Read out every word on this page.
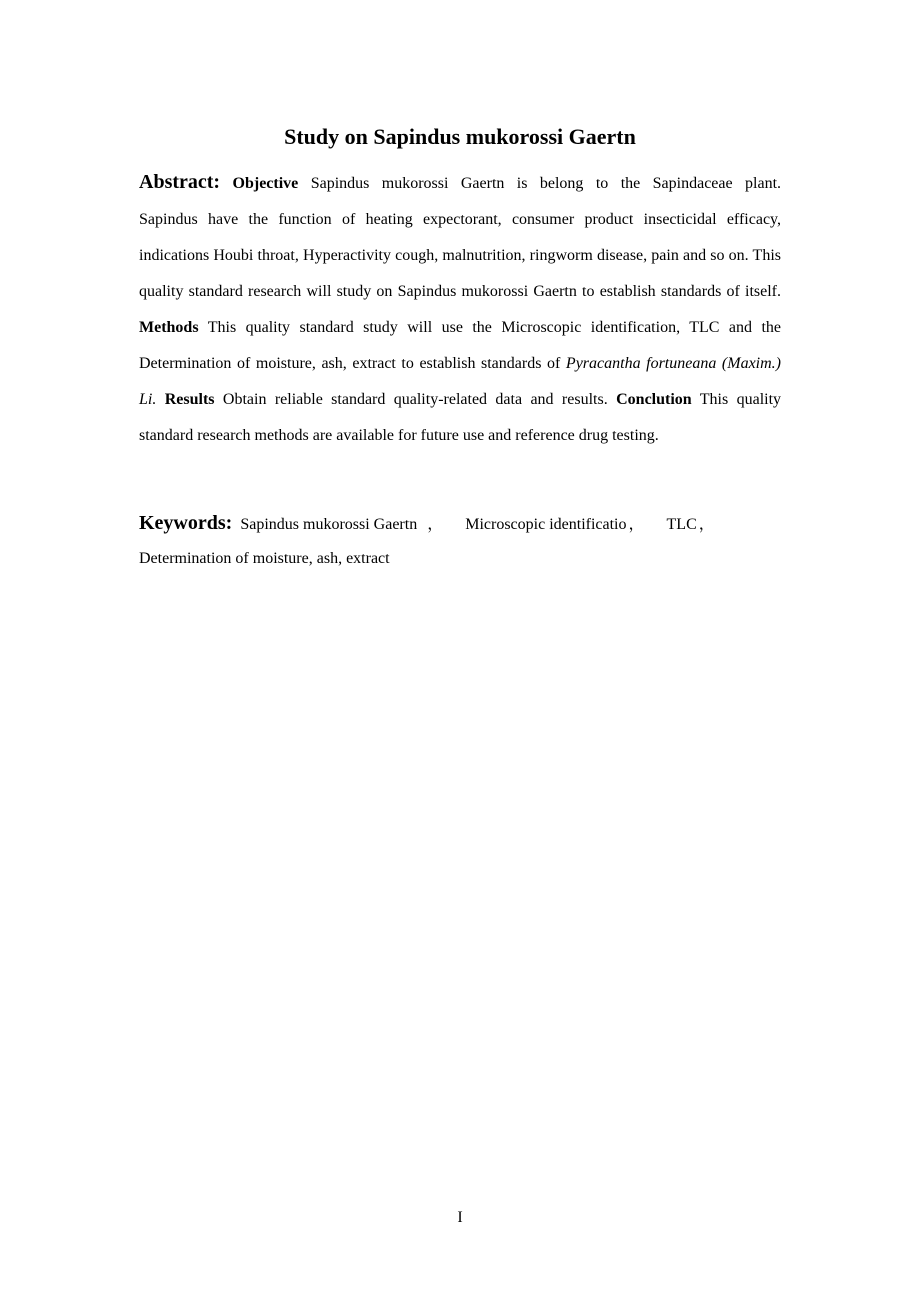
Study on Sapindus mukorossi Gaertn
Abstract: Objective Sapindus mukorossi Gaertn is belong to the Sapindaceae plant.
Sapindus have the function of heating expectorant, consumer product insecticidal efficacy, indications Houbi throat, Hyperactivity cough, malnutrition, ringworm disease, pain and so on. This quality standard research will study on Sapindus mukorossi Gaertn to establish standards of itself. Methods This quality standard study will use the Microscopic identification, TLC and the Determination of moisture, ash, extract to establish standards of Pyracantha fortuneana (Maxim.) Li. Results Obtain reliable standard quality-related data and results. Conclution This quality standard research methods are available for future use and reference drug testing.
Keywords: Sapindus mukorossi Gaertn ， Microscopic identificatio ， TLC ，
Determination of moisture, ash, extract
I
